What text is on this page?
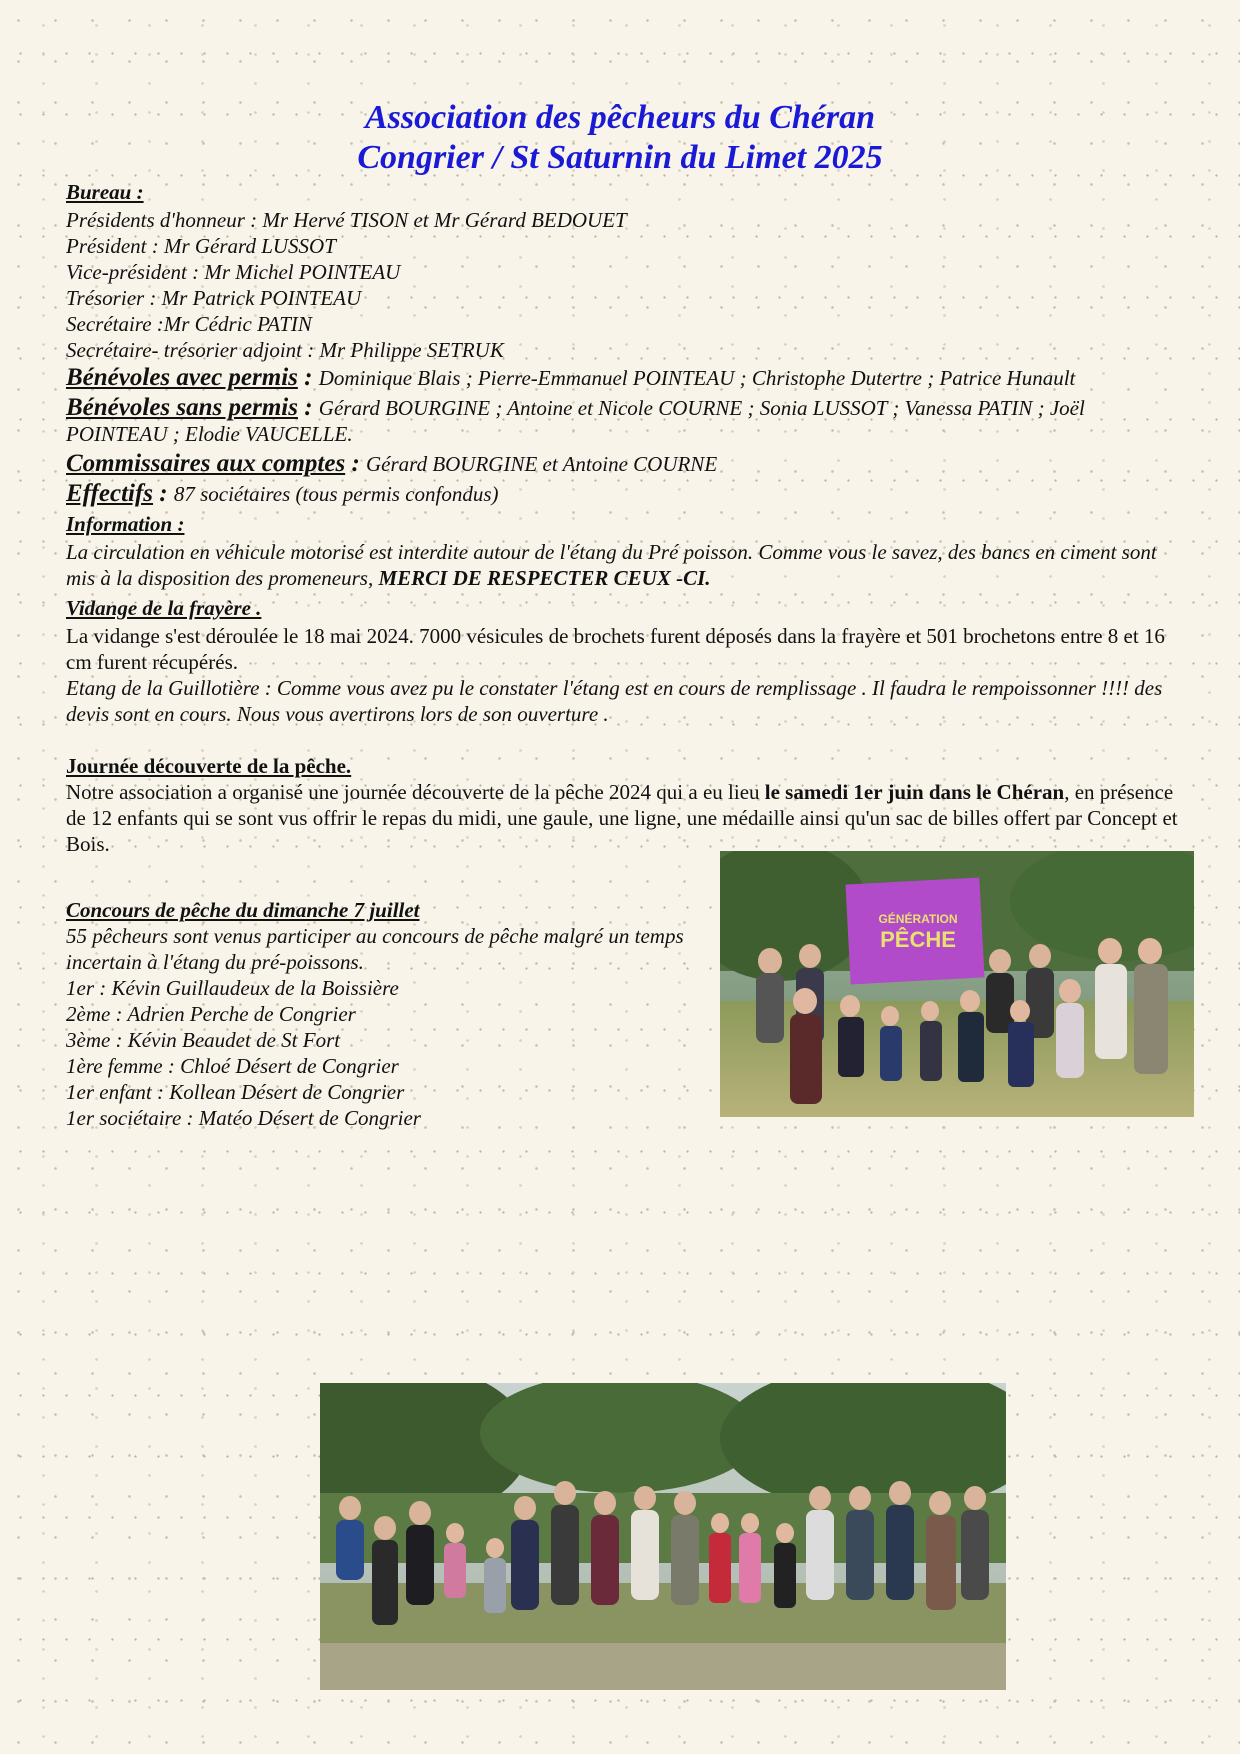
Association des pêcheurs du Chéran
Congrier / St Saturnin du Limet 2025
Bureau :
Présidents d'honneur : Mr Hervé TISON et Mr Gérard BEDOUET
Président : Mr Gérard LUSSOT
Vice-président : Mr Michel POINTEAU
Trésorier : Mr Patrick POINTEAU
Secrétaire :Mr Cédric PATIN
Secrétaire- trésorier adjoint : Mr Philippe SETRUK
Bénévoles avec permis : Dominique Blais ; Pierre-Emmanuel POINTEAU ; Christophe Dutertre ; Patrice Hunault
Bénévoles sans permis : Gérard BOURGINE ; Antoine et Nicole COURNE ; Sonia LUSSOT ; Vanessa PATIN ; Joël POINTEAU ; Elodie VAUCELLE.
Commissaires aux comptes : Gérard BOURGINE et Antoine COURNE
Effectifs : 87 sociétaires (tous permis confondus)
Information :
La circulation en véhicule motorisé est interdite autour de l'étang du Pré poisson. Comme vous le savez, des bancs en ciment sont mis à la disposition des promeneurs, MERCI DE RESPECTER CEUX -CI.
Vidange de la frayère .
La vidange s'est déroulée le 18 mai 2024. 7000 vésicules de brochets furent déposés dans la frayère et 501 brochetons entre 8 et 16 cm furent récupérés.
Etang de la Guillotière : Comme vous avez pu le constater l'étang est en cours de remplissage . Il faudra le rempoissonner !!!! des devis sont en cours. Nous vous avertirons lors de son ouverture .
Journée découverte de la pêche.
Notre association a organisé une journée découverte de la pêche 2024 qui a eu lieu le samedi 1er juin dans le Chéran, en présence de 12 enfants qui se sont vus offrir le repas du midi, une gaule, une ligne, une médaille ainsi qu'un sac de billes offert par Concept et Bois.
Concours de pêche du dimanche 7 juillet
55 pêcheurs sont venus participer au concours de pêche malgré un temps incertain à l'étang du pré-poissons.
1er : Kévin Guillaudeux de la Boissière
2ème : Adrien Perche de Congrier
3ème : Kévin Beaudet de St Fort
1ère femme : Chloé Désert de Congrier
1er enfant : Kollean Désert de Congrier
1er sociétaire : Matéo Désert de Congrier
GÉNÉRATION
PÊCHE
